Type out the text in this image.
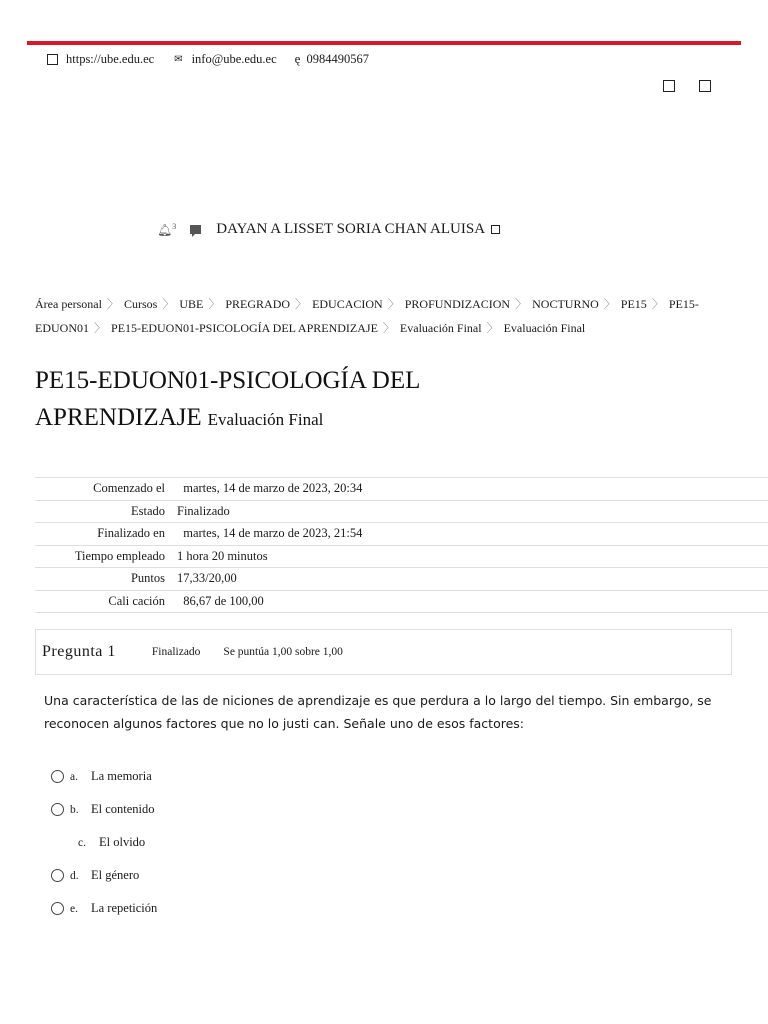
https://ube.edu.ec ✉ info@ube.edu.ec ę 0984490567
🔔︎$^3$	DAYAN A LISSET SORIA CHAN ALUISA
Área personal 〉 Cursos 〉 UBE 〉 PREGRADO 〉 EDUCACION 〉 PROFUNDIZACION 〉 NOCTURNO 〉 PE15 〉 PE15-EDUON01 〉 PE15-EDUON01-PSICOLOGÍA DEL APRENDIZAJE 〉 Evaluación Final 〉 Evaluación Final
PE15-EDUON01-PSICOLOGÍA DEL APRENDIZAJE Evaluación Final
Comenzado el	martes, 14 de marzo de 2023, 20:34
Estado	Finalizado
Finalizado en	martes, 14 de marzo de 2023, 21:54
Tiempo empleado	1 hora 20 minutos
Puntos	17,33/20,00
Cali cación	86,67 de 100,00
Pregunta 1	Finalizado Se puntúa 1,00 sobre 1,00
Una característica de las de niciones de aprendizaje es que perdura a lo largo del tiempo. Sin embargo, se reconocen algunos factores que no lo justi can. Señale uno de esos factores:
a.	La memoria
b. El contenido
c.	El olvido
d. El género
e.	La repetición
